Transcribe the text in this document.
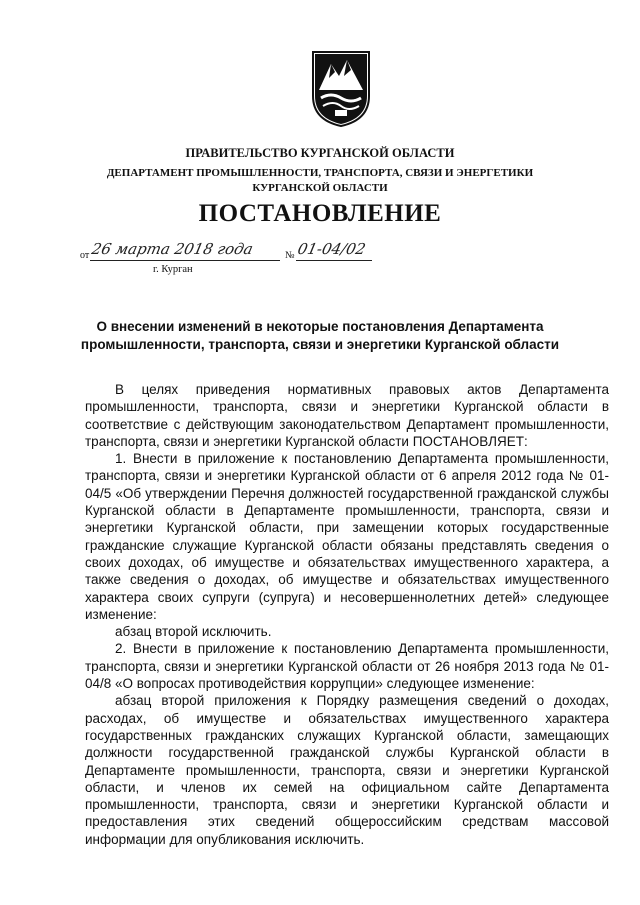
ПРАВИТЕЛЬСТВО КУРГАНСКОЙ ОБЛАСТИ

ДЕПАРТАМЕНТ ПРОМЫШЛЕННОСТИ, ТРАНСПОРТА, СВЯЗИ И ЭНЕРГЕТИКИ

КУРГАНСКОЙ ОБЛАСТИ

ПОСТАНОВЛЕНИЕ

от 26 марта 2018 года	№ 01-04/02
г. Курган
О внесении изменений в некоторые постановления Департамента
промышленности, транспорта, связи и энергетики Курганской области

В целях приведения нормативных правовых актов Департамента промышленности, транспорта, связи и энергетики Курганской области в соответствие с действующим законодательством Департамент промышленности, транспорта, связи и энергетики Курганской области ПОСТАНОВЛЯЕТ:

1. Внести в приложение к постановлению Департамента промышленности, транспорта, связи и энергетики Курганской области от 6 апреля 2012 года № 01-04/5 «Об утверждении Перечня должностей государственной гражданской службы Курганской области в Департаменте промышленности, транспорта, связи и энергетики Курганской области, при замещении которых государственные гражданские служащие Курганской области обязаны представлять сведения о своих доходах, об имуществе и обязательствах имущественного характера, а также сведения о доходах, об имуществе и обязательствах имущественного характера своих супруги (супруга) и несовершеннолетних детей» следующее изменение:

абзац второй исключить.

2. Внести в приложение к постановлению Департамента промышленности, транспорта, связи и энергетики Курганской области от 26 ноября 2013 года № 01-04/8 «О вопросах противодействия коррупции» следующее изменение:

абзац второй приложения к Порядку размещения сведений о доходах, расходах, об имуществе и обязательствах имущественного характера государственных гражданских служащих Курганской области, замещающих должности государственной гражданской службы Курганской области в Департаменте промышленности, транспорта, связи и энергетики Курганской области, и членов их семей на официальном сайте Департамента промышленности, транспорта, связи и энергетики Курганской области и предоставления этих сведений общероссийским средствам массовой информации для опубликования исключить.
